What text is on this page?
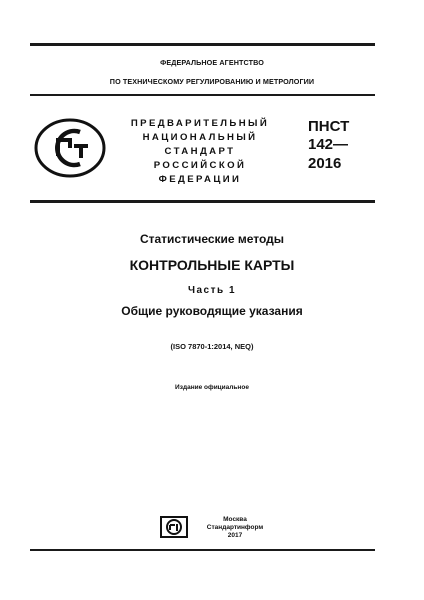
ФЕДЕРАЛЬНОЕ АГЕНТСТВО
ПО ТЕХНИЧЕСКОМУ РЕГУЛИРОВАНИЮ И МЕТРОЛОГИИ
ПРЕДВАРИТЕЛЬНЫЙ
НАЦИОНАЛЬНЫЙ
СТАНДАРТ
РОССИЙСКОЙ
ФЕДЕРАЦИИ
ПНСТ
142—
2016
Статистические методы
КОНТРОЛЬНЫЕ КАРТЫ
Часть 1
Общие руководящие указания
(ISO 7870-1:2014, NEQ)
Издание официальное
Москва
Стандартинформ
2017
